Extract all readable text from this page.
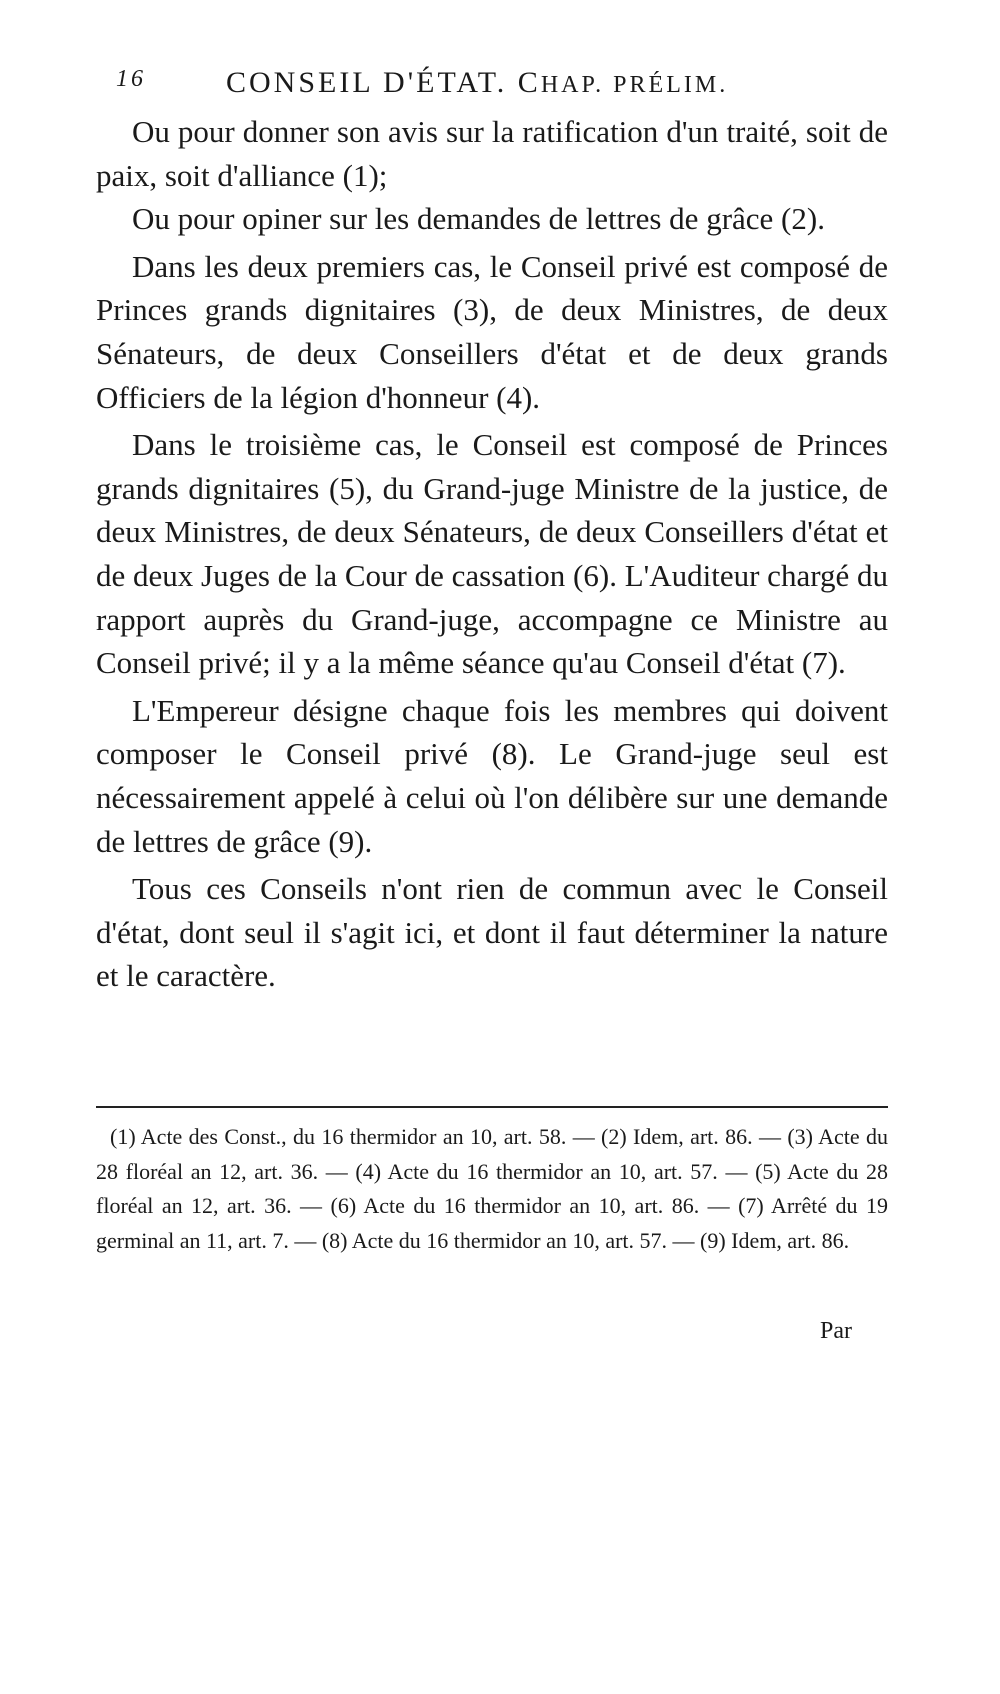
16	CONSEIL D'ÉTAT. CHAP. PRÉLIM.

Ou pour donner son avis sur la ratification d'un traité, soit de paix, soit d'alliance (1);

Ou pour opiner sur les demandes de lettres de grâce (2).

Dans les deux premiers cas, le Conseil privé est composé de Princes grands dignitaires (3), de deux Ministres, de deux Sénateurs, de deux Conseillers d'état et de deux grands Officiers de la légion d'honneur (4).

Dans le troisième cas, le Conseil est composé de Princes grands dignitaires (5), du Grand-juge Ministre de la justice, de deux Ministres, de deux Sénateurs, de deux Conseillers d'état et de deux Juges de la Cour de cassation (6). L'Auditeur chargé du rapport auprès du Grand-juge, accompagne ce Ministre au Conseil privé; il y a la même séance qu'au Conseil d'état (7).

L'Empereur désigne chaque fois les membres qui doivent composer le Conseil privé (8). Le Grand-juge seul est nécessairement appelé à celui où l'on délibère sur une demande de lettres de grâce (9).

Tous ces Conseils n'ont rien de commun avec le Conseil d'état, dont seul il s'agit ici, et dont il faut déterminer la nature et le caractère.

(1) Acte des Const., du 16 thermidor an 10, art. 58. — (2) Idem, art. 86. — (3) Acte du 28 floréal an 12, art. 36. — (4) Acte du 16 thermidor an 10, art. 57. — (5) Acte du 28 floréal an 12, art. 36. — (6) Acte du 16 thermidor an 10, art. 86. — (7) Arrêté du 19 germinal an 11, art. 7. — (8) Acte du 16 thermidor an 10, art. 57. — (9) Idem, art. 86.

Par
